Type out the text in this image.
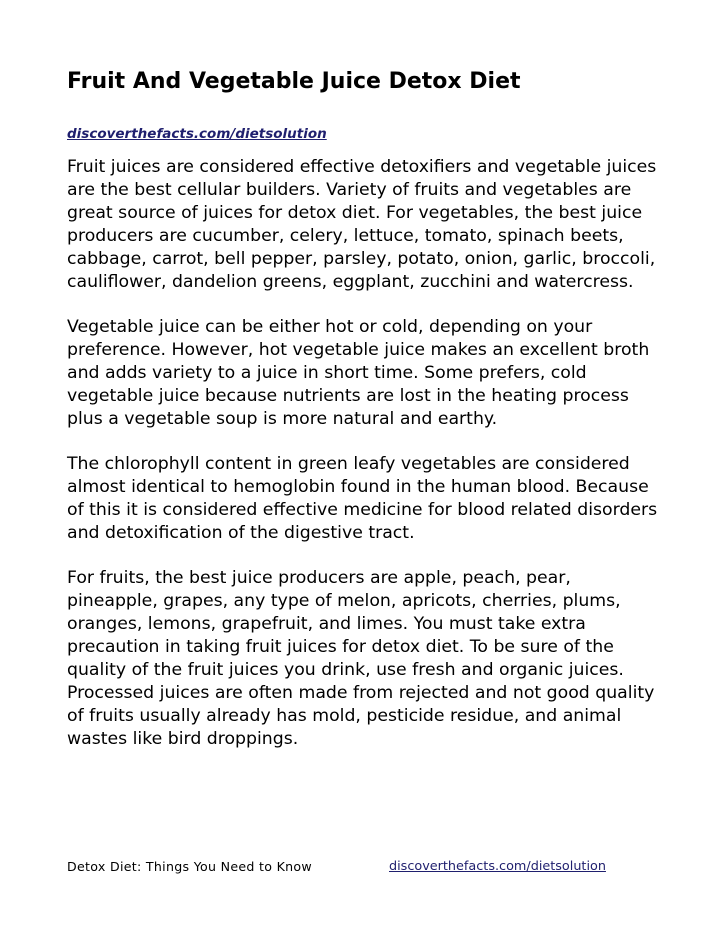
Fruit And Vegetable Juice Detox Diet
discoverthefacts.com/dietsolution

Fruit juices are considered effective detoxifiers and vegetable juices are the best cellular builders. Variety of fruits and vegetables are great source of juices for detox diet. For vegetables, the best juice producers are cucumber, celery, lettuce, tomato, spinach beets, cabbage, carrot, bell pepper, parsley, potato, onion, garlic, broccoli, cauliflower, dandelion greens, eggplant, zucchini and watercress.

Vegetable juice can be either hot or cold, depending on your preference. However, hot vegetable juice makes an excellent broth and adds variety to a juice in short time. Some prefers, cold vegetable juice because nutrients are lost in the heating process plus a vegetable soup is more natural and earthy.

The chlorophyll content in green leafy vegetables are considered almost identical to hemoglobin found in the human blood. Because of this it is considered effective medicine for blood related disorders and detoxification of the digestive tract.

For fruits, the best juice producers are apple, peach, pear, pineapple, grapes, any type of melon, apricots, cherries, plums, oranges, lemons, grapefruit, and limes. You must take extra precaution in taking fruit juices for detox diet. To be sure of the quality of the fruit juices you drink, use fresh and organic juices. Processed juices are often made from rejected and not good quality of fruits usually already has mold, pesticide residue, and animal wastes like bird droppings.

Detox Diet: Things You Need to Know	discoverthefacts.com/dietsolution
